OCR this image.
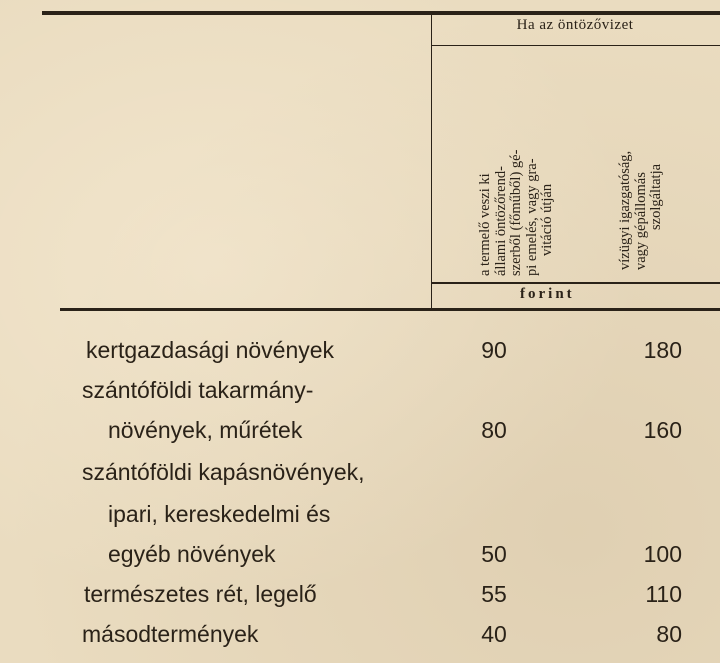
Ha az öntözővizet
a termelő veszi ki állami öntözőrend- szerből (főműből) gé- pi emelés, vagy gra- vitáció útján	vízügyi igazgatóság, vagy gépállomás szolgáltatja
forint
kertgazdasági növények	90	180
szántóföldi takarmány-
növények, műrétek	80	160
szántóföldi kapásnövények,
ipari, kereskedelmi és
egyéb növények	50	100
természetes rét, legelő	55	110
másodtermények	40	80
